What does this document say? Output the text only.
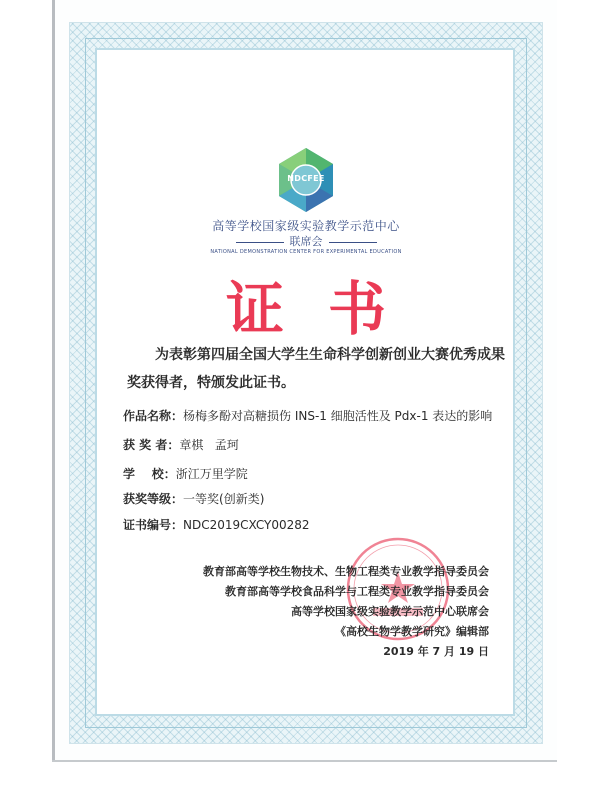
NDCFEE
高等学校国家级实验教学示范中心
联席会
NATIONAL DEMONSTRATION CENTER FOR EXPERIMENTAL EDUCATION
证书
为表彰第四届全国大学生生命科学创新创业大赛优秀成果奖获得者，特颁发此证书。
作品名称：杨梅多酚对高糖损伤 INS-1 细胞活性及 Pdx-1 表达的影响
获 奖 者：章棋   孟珂
学    校：浙江万里学院
获奖等级：一等奖(创新类)
证书编号：NDC2019CXCY00282
教育部高等学校生物技术、生物工程类专业教学指导委员会
教育部高等学校食品科学与工程类专业教学指导委员会
高等学校国家级实验教学示范中心联席会
《高校生物学教学研究》编辑部
2019 年 7 月 19 日
